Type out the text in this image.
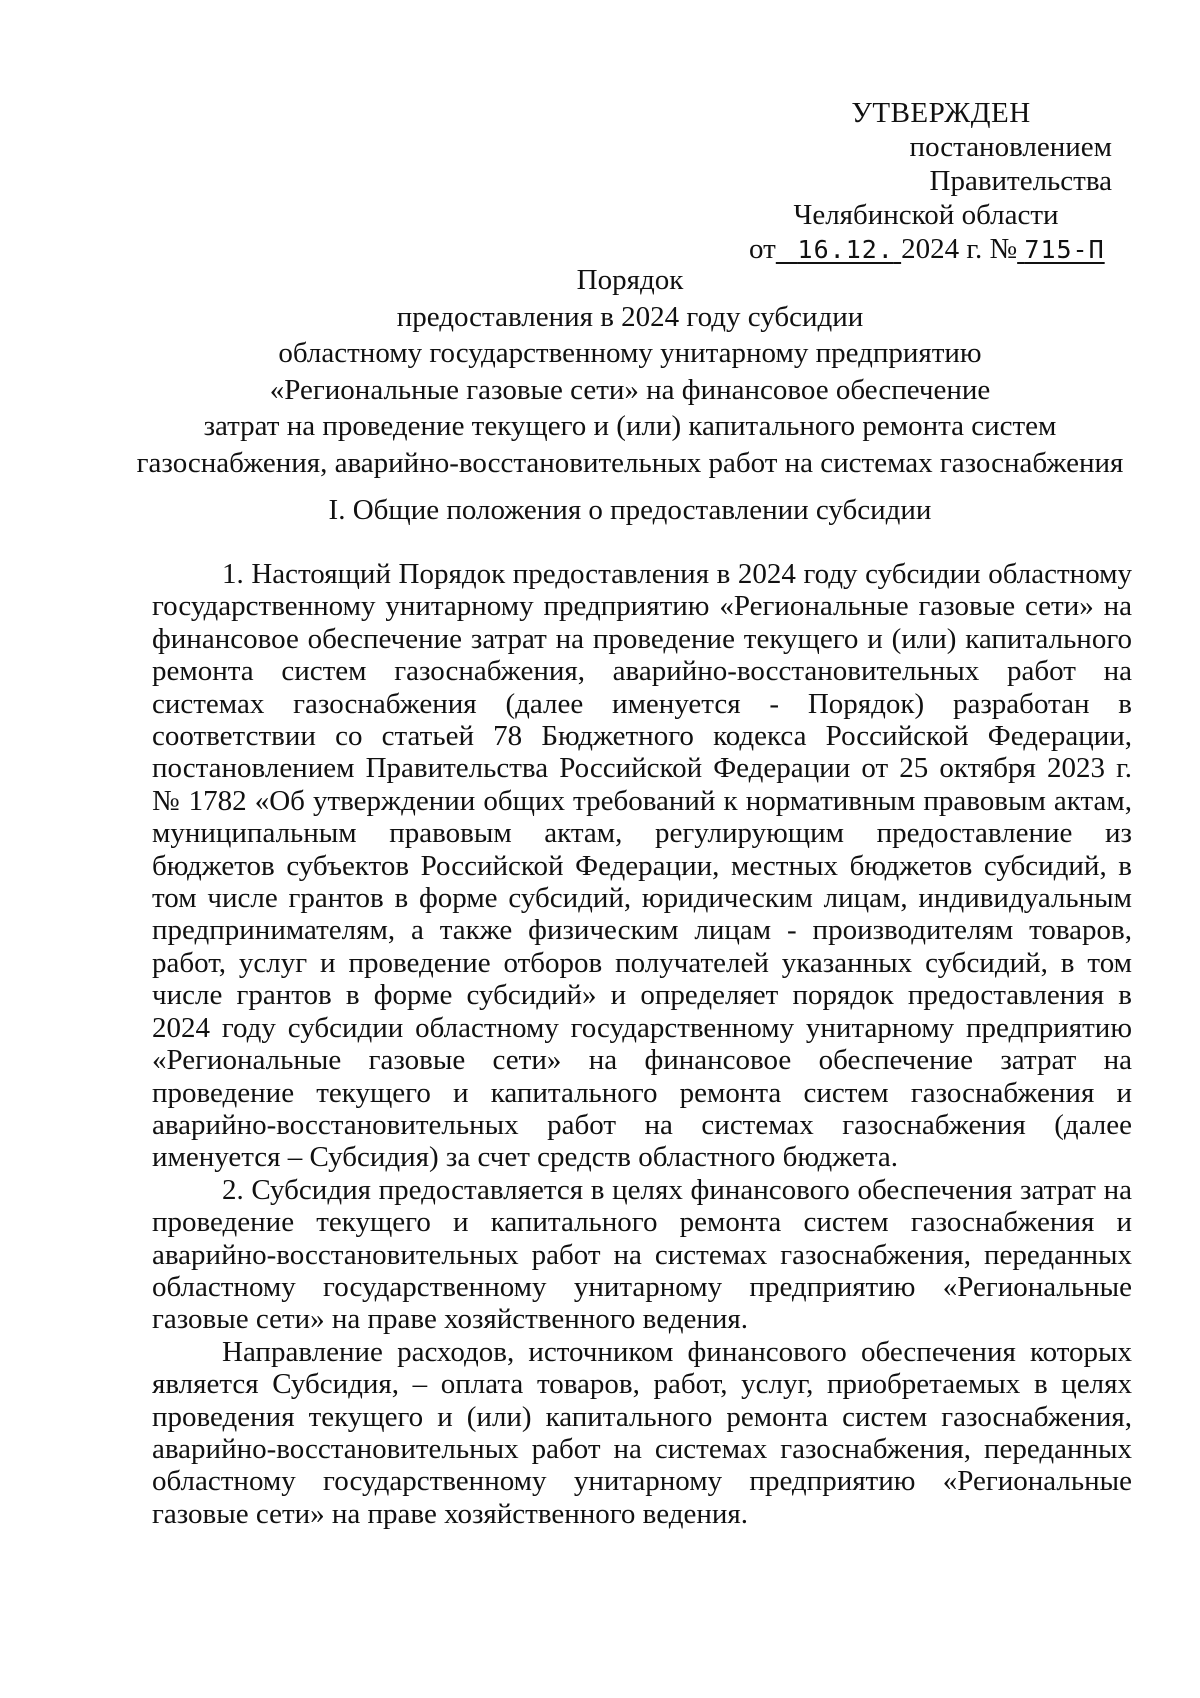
УТВЕРЖДЕН
постановлением Правительства
Челябинской области
от 16.12. 2024 г. № 715-П
Порядок
предоставления в 2024 году субсидии
областному государственному унитарному предприятию
«Региональные газовые сети» на финансовое обеспечение
затрат на проведение текущего и (или) капитального ремонта систем
газоснабжения, аварийно-восстановительных работ на системах газоснабжения
I. Общие положения о предоставлении субсидии

1. Настоящий Порядок предоставления в 2024 году субсидии областному государственному унитарному предприятию «Региональные газовые сети» на финансовое обеспечение затрат на проведение текущего и (или) капитального ремонта систем газоснабжения, аварийно-восстановительных работ на системах газоснабжения (далее именуется - Порядок) разработан в соответствии со статьей 78 Бюджетного кодекса Российской Федерации, постановлением Правительства Российской Федерации от 25 октября 2023 г. № 1782 «Об утверждении общих требований к нормативным правовым актам, муниципальным правовым актам, регулирующим предоставление из бюджетов субъектов Российской Федерации, местных бюджетов субсидий, в том числе грантов в форме субсидий, юридическим лицам, индивидуальным предпринимателям, а также физическим лицам - производителям товаров, работ, услуг и проведение отборов получателей указанных субсидий, в том числе грантов в форме субсидий» и определяет порядок предоставления в 2024 году субсидии областному государственному унитарному предприятию «Региональные газовые сети» на финансовое обеспечение затрат на проведение текущего и капитального ремонта систем газоснабжения и аварийно-восстановительных работ на системах газоснабжения (далее именуется – Субсидия) за счет средств областного бюджета.

2. Субсидия предоставляется в целях финансового обеспечения затрат на проведение текущего и капитального ремонта систем газоснабжения и аварийно-восстановительных работ на системах газоснабжения, переданных областному государственному унитарному предприятию «Региональные газовые сети» на праве хозяйственного ведения.

Направление расходов, источником финансового обеспечения которых является Субсидия, – оплата товаров, работ, услуг, приобретаемых в целях проведения текущего и (или) капитального ремонта систем газоснабжения, аварийно-восстановительных работ на системах газоснабжения, переданных областному государственному унитарному предприятию «Региональные газовые сети» на праве хозяйственного ведения.
